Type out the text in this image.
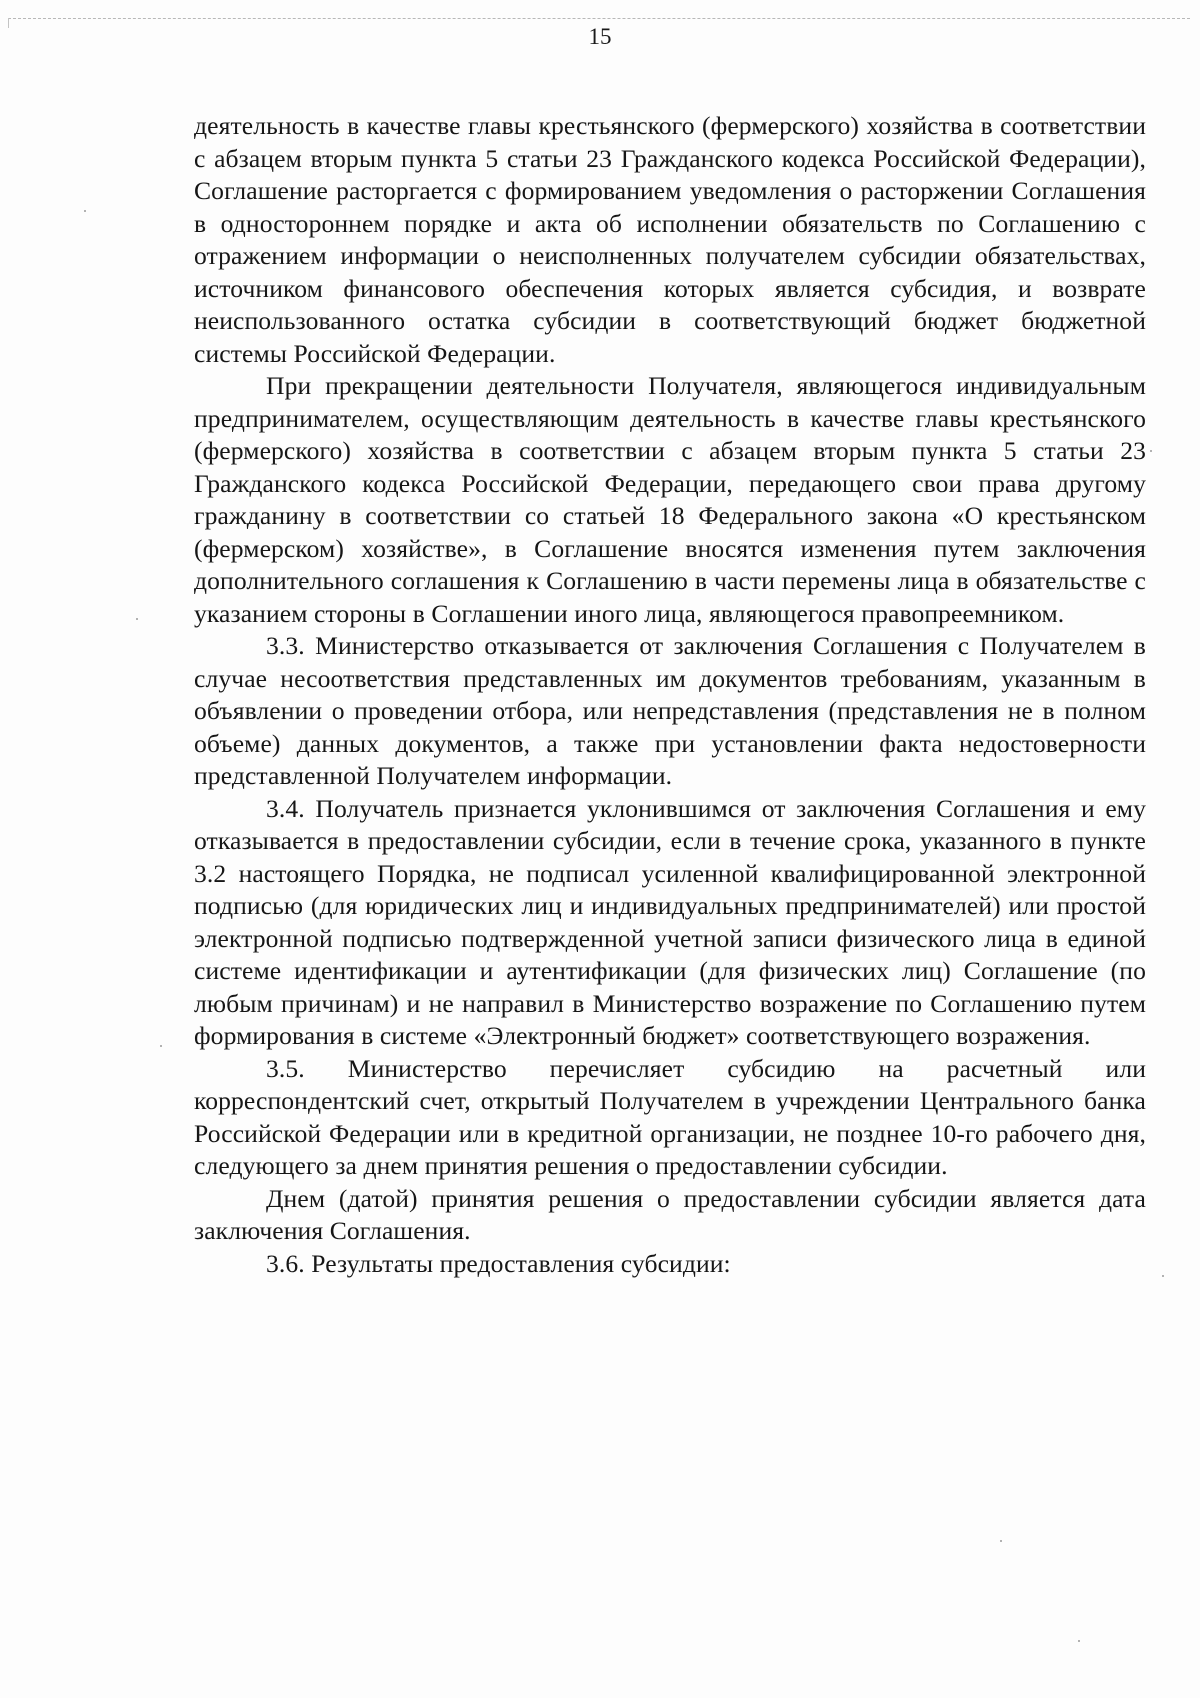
15

деятельность в качестве главы крестьянского (фермерского) хозяйства в соответствии с абзацем вторым пункта 5 статьи 23 Гражданского кодекса Российской Федерации), Соглашение расторгается с формированием уведомления о расторжении Соглашения в одностороннем порядке и акта об исполнении обязательств по Соглашению с отражением информации о неисполненных получателем субсидии обязательствах, источником финансового обеспечения которых является субсидия, и возврате неиспользованного остатка субсидии в соответствующий бюджет бюджетной системы Российской Федерации.

При прекращении деятельности Получателя, являющегося индивидуальным предпринимателем, осуществляющим деятельность в качестве главы крестьянского (фермерского) хозяйства в соответствии с абзацем вторым пункта 5 статьи 23 Гражданского кодекса Российской Федерации, передающего свои права другому гражданину в соответствии со статьей 18 Федерального закона «О крестьянском (фермерском) хозяйстве», в Соглашение вносятся изменения путем заключения дополнительного соглашения к Соглашению в части перемены лица в обязательстве с указанием стороны в Соглашении иного лица, являющегося правопреемником.

3.3. Министерство отказывается от заключения Соглашения с Получателем в случае несоответствия представленных им документов требованиям, указанным в объявлении о проведении отбора, или непредставления (представления не в полном объеме) данных документов, а также при установлении факта недостоверности представленной Получателем информации.

3.4. Получатель признается уклонившимся от заключения Соглашения и ему отказывается в предоставлении субсидии, если в течение срока, указанного в пункте 3.2 настоящего Порядка, не подписал усиленной квалифицированной электронной подписью (для юридических лиц и индивидуальных предпринимателей) или простой электронной подписью подтвержденной учетной записи физического лица в единой системе идентификации и аутентификации (для физических лиц) Соглашение (по любым причинам) и не направил в Министерство возражение по Соглашению путем формирования в системе «Электронный бюджет» соответствующего возражения.

3.5. Министерство перечисляет субсидию на расчетный или корреспондентский счет, открытый Получателем в учреждении Центрального банка Российской Федерации или в кредитной организации, не позднее 10-го рабочего дня, следующего за днем принятия решения о предоставлении субсидии.

Днем (датой) принятия решения о предоставлении субсидии является дата заключения Соглашения.

3.6. Результаты предоставления субсидии:
